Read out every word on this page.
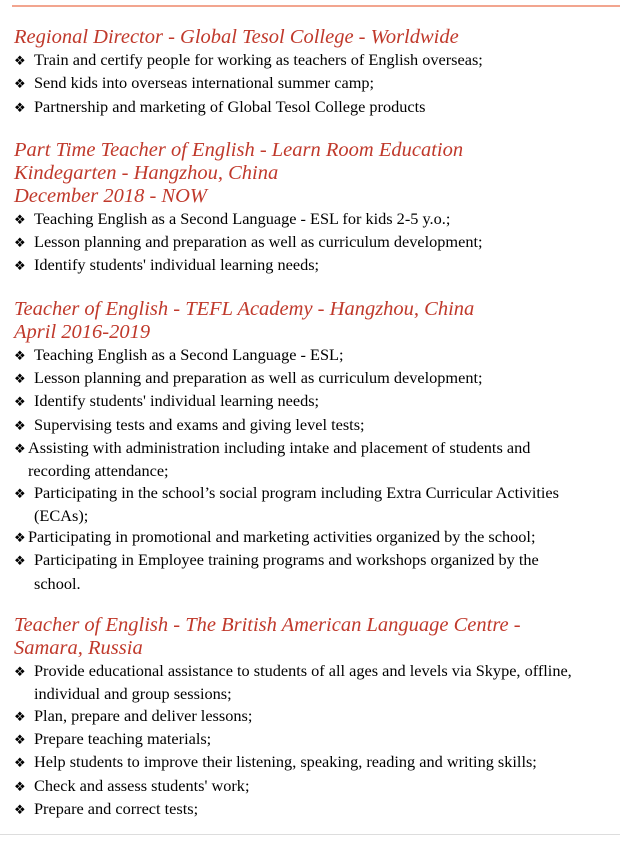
Regional Director - Global Tesol College - Worldwide
❖ Train and certify people for working as teachers of English overseas;
❖ Send kids into overseas international summer camp;
❖ Partnership and marketing of Global Tesol College products
Part Time Teacher of English - Learn Room Education
Kindegarten - Hangzhou, China
December 2018 - NOW
❖ Teaching English as a Second Language - ESL for kids 2-5 y.o.;
❖ Lesson planning and preparation as well as curriculum development;
❖ Identify students' individual learning needs;
Teacher of English - TEFL Academy - Hangzhou, China
April 2016-2019
❖ Teaching English as a Second Language - ESL;
❖ Lesson planning and preparation as well as curriculum development;
❖ Identify students' individual learning needs;
❖ Supervising tests and exams and giving level tests;
❖ Assisting with administration including intake and placement of students and recording attendance;
❖ Participating in the school’s social program including Extra Curricular Activities (ECAs);
❖ Participating in promotional and marketing activities organized by the school;
❖ Participating in Employee training programs and workshops organized by the school.
Teacher of English - The British American Language Centre -
Samara, Russia
❖ Provide educational assistance to students of all ages and levels via Skype, offline, individual and group sessions;
❖ Plan, prepare and deliver lessons;
❖ Prepare teaching materials;
❖ Help students to improve their listening, speaking, reading and writing skills;
❖ Check and assess students' work;
❖ Prepare and correct tests;
